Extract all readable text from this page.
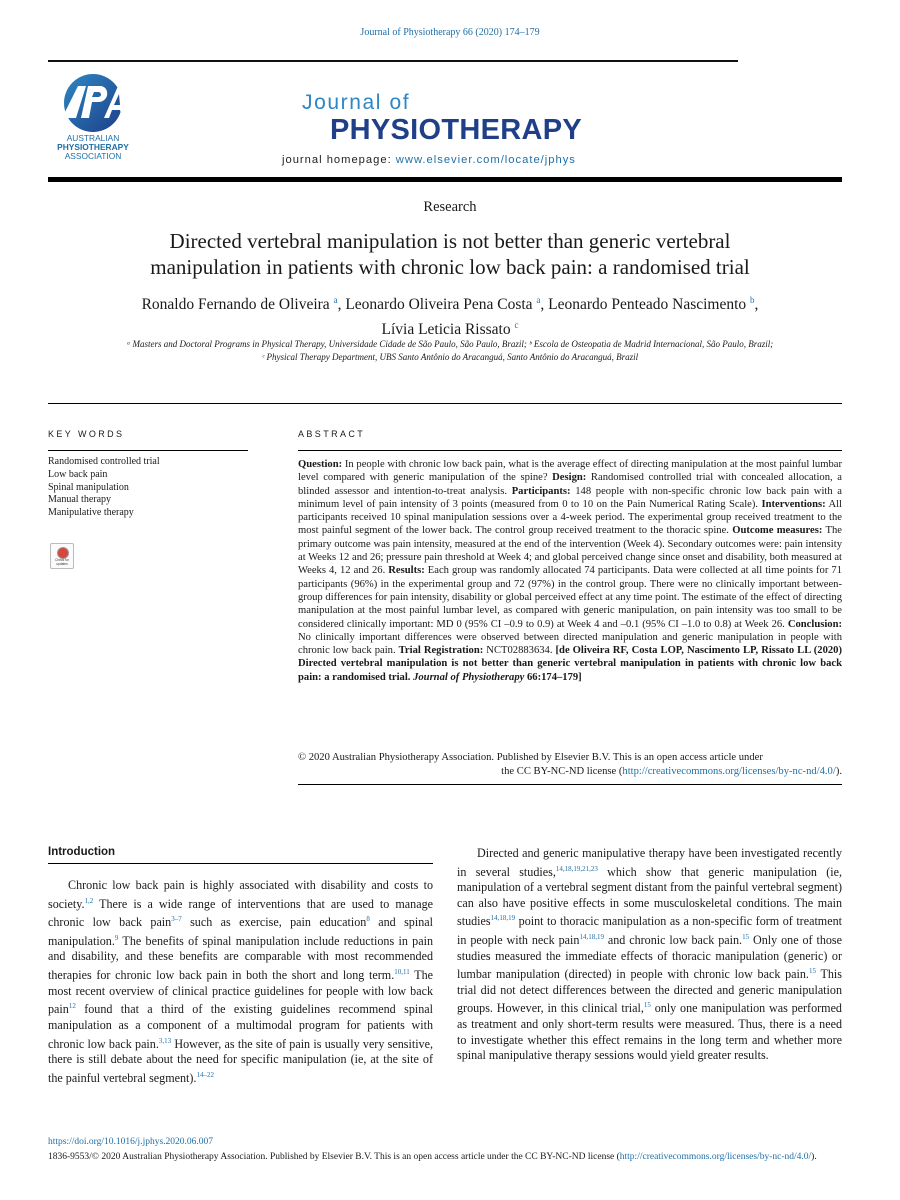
Journal of Physiotherapy 66 (2020) 174–179
AUSTRALIAN
PHYSIOTHERAPY
ASSOCIATION
Journal of
PHYSIOTHERAPY
journal homepage: www.elsevier.com/locate/jphys
Research
Directed vertebral manipulation is not better than generic vertebral
manipulation in patients with chronic low back pain: a randomised trial
Ronaldo Fernando de Oliveira $^a$, Leonardo Oliveira Pena Costa $^a$, Leonardo Penteado Nascimento $^b$,
Lívia Leticia Rissato $^c$
ᵃ Masters and Doctoral Programs in Physical Therapy, Universidade Cidade de São Paulo, São Paulo, Brazil; ᵇ Escola de Osteopatia de Madrid Internacional, São Paulo, Brazil;
ᶜ Physical Therapy Department, UBS Santo Antônio do Aracanguá, Santo Antônio do Aracanguá, Brazil
KEY WORDS
Randomised controlled trial
Low back pain
Spinal manipulation
Manual therapy
Manipulative therapy
Check for updates
ABSTRACT

Question: In people with chronic low back pain, what is the average effect of directing manipulation at the most painful lumbar level compared with generic manipulation of the spine? Design: Randomised controlled trial with concealed allocation, a blinded assessor and intention-to-treat analysis. Participants: 148 people with non-specific chronic low back pain with a minimum level of pain intensity of 3 points (measured from 0 to 10 on the Pain Numerical Rating Scale). Interventions: All participants received 10 spinal manipulation sessions over a 4-week period. The experimental group received treatment to the most painful segment of the lower back. The control group received treatment to the thoracic spine. Outcome measures: The primary outcome was pain intensity, measured at the end of the intervention (Week 4). Secondary outcomes were: pain intensity at Weeks 12 and 26; pressure pain threshold at Week 4; and global perceived change since onset and disability, both measured at Weeks 4, 12 and 26. Results: Each group was randomly allocated 74 participants. Data were collected at all time points for 71 participants (96%) in the experimental group and 72 (97%) in the control group. There were no clinically important between-group differences for pain intensity, disability or global perceived effect at any time point. The estimate of the effect of directing manipulation at the most painful lumbar level, as compared with generic manipulation, on pain intensity was too small to be considered clinically important: MD 0 (95% CI –0.9 to 0.9) at Week 4 and –0.1 (95% CI –1.0 to 0.8) at Week 26. Conclusion: No clinically important differences were observed between directed manipulation and generic manipulation in people with chronic low back pain. Trial Registration: NCT02883634. [de Oliveira RF, Costa LOP, Nascimento LP, Rissato LL (2020) Directed vertebral manipulation is not better than generic vertebral manipulation in patients with chronic low back pain: a randomised trial. Journal of Physiotherapy 66:174–179]

© 2020 Australian Physiotherapy Association. Published by Elsevier B.V. This is an open access article under
the CC BY-NC-ND license (http://creativecommons.org/licenses/by-nc-nd/4.0/).
Introduction

Chronic low back pain is highly associated with disability and costs to society.$^{1,2}$ There is a wide range of interventions that are used to manage chronic low back pain$^{3-7}$ such as exercise, pain education$^8$ and spinal manipulation.$^9$ The benefits of spinal manipulation include reductions in pain and disability, and these benefits are comparable with most recommended therapies for chronic low back pain in both the short and long term.$^{10,11}$ The most recent overview of clinical practice guidelines for people with low back pain$^{12}$ found that a third of the existing guidelines recommend spinal manipulation as a component of a multimodal program for patients with chronic low back pain.$^{3,13}$ However, as the site of pain is usually very sensitive, there is still debate about the need for specific manipulation (ie, at the site of the painful vertebral segment).$^{14-22}$

Directed and generic manipulative therapy have been investigated recently in several studies,$^{14,18,19,21,23}$ which show that generic manipulation (ie, manipulation of a vertebral segment distant from the painful vertebral segment) can also have positive effects in some musculoskeletal conditions. The main studies$^{14,18,19}$ point to thoracic manipulation as a non-specific form of treatment in people with neck pain$^{14,18,19}$ and chronic low back pain.$^{15}$ Only one of those studies measured the immediate effects of thoracic manipulation (generic) or lumbar manipulation (directed) in people with chronic low back pain.$^{15}$ This trial did not detect differences between the directed and generic manipulation groups. However, in this clinical trial,$^{15}$ only one manipulation was performed as treatment and only short-term results were measured. Thus, there is a need to investigate whether this effect remains in the long term and whether more spinal manipulative therapy sessions would yield greater results.

https://doi.org/10.1016/j.jphys.2020.06.007
1836-9553/© 2020 Australian Physiotherapy Association. Published by Elsevier B.V. This is an open access article under the CC BY-NC-ND license (http://creativecommons.org/licenses/by-nc-nd/4.0/).
